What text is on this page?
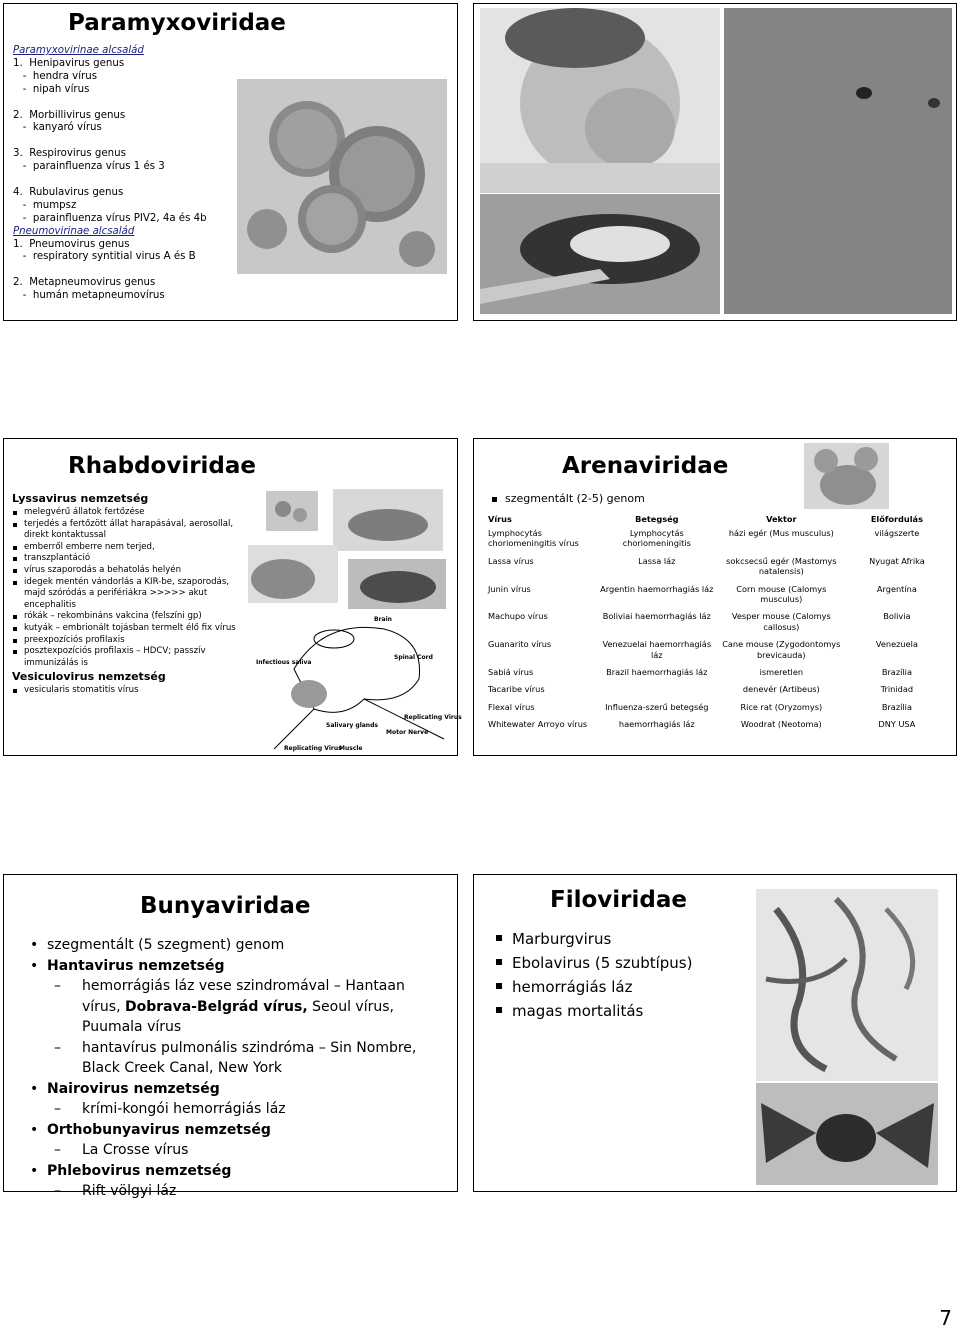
Paramyxoviridae
Paramyxovirinae alcsalád
1.  Henipavirus genus
-  hendra vírus
-  nipah vírus
2.  Morbillivirus genus
-  kanyaró vírus
3.  Respirovirus genus
-  parainfluenza vírus 1 és 3
4.  Rubulavirus genus
-  mumpsz
-  parainfluenza vírus PIV2, 4a és 4b
Pneumovirinae alcsalád
1.  Pneumovirus genus
-  respiratory syntitial virus A és B
2.  Metapneumovirus genus
-  humán metapneumovírus
Rhabdoviridae
Lyssavirus nemzetség
melegvérű állatok fertőzése
terjedés a fertőzött állat harapásával, aerosollal, direkt kontaktussal
emberről emberre nem terjed,
transzplantáció
vírus szaporodás a behatolás helyén
idegek mentén vándorlás a KIR-be, szaporodás, majd szóródás a perifériákra >>>>> akut encephalitis
rókák – rekombináns vakcina (felszíni gp)
kutyák – embrionált tojásban termelt élő fix vírus
preexpozíciós profilaxis
posztexpozíciós profilaxis – HDCV; passzív immunizálás is
Vesiculovirus nemzetség
vesicularis stomatitis vírus
Brain
Spinal Cord
Infectious saliva
Salivary glands
Replicating Virus
Muscle
Motor Nerve
Replicating Virus
Arenaviridae
szegmentált (2-5) genom
Vírus	Betegség	Vektor	Előfordulás
Lymphocytás choriomeningitis vírus	Lymphocytás choriomeningitis	házi egér (Mus musculus)	világszerte
Lassa vírus	Lassa láz	sokcsecsű egér (Mastomys natalensis)	Nyugat Afrika
Junin vírus	Argentin haemorrhagiás láz	Corn mouse (Calomys musculus)	Argentína
Machupo vírus	Boliviai haemorrhagiás láz	Vesper mouse (Calomys callosus)	Bolivia
Guanarito vírus	Venezuelai haemorrhagiás láz	Cane mouse (Zygodontomys brevicauda)	Venezuela
Sabiá vírus	Brazil haemorrhagiás láz	ismeretlen	Brazília
Tacaribe vírus		denevér (Artibeus)	Trinidad
Flexal vírus	Influenza-szerű betegség	Rice rat (Oryzomys)	Brazília
Whitewater Arroyo vírus	haemorrhagiás láz	Woodrat (Neotoma)	DNY USA
Bunyaviridae
• szegmentált (5 szegment) genom
• Hantavirus nemzetség
– hemorrágiás láz vese szindromával – Hantaan vírus, Dobrava-Belgrád vírus, Seoul vírus, Puumala vírus
– hantavírus pulmonális szindróma – Sin Nombre, Black Creek Canal, New York
• Nairovirus nemzetség
– krími-kongói hemorrágiás láz
• Orthobunyavirus nemzetség
– La Crosse vírus
• Phlebovirus nemzetség
– Rift völgyi láz
Filoviridae
Marburgvirus
Ebolavirus (5 szubtípus)
hemorrágiás láz
magas mortalitás
7
